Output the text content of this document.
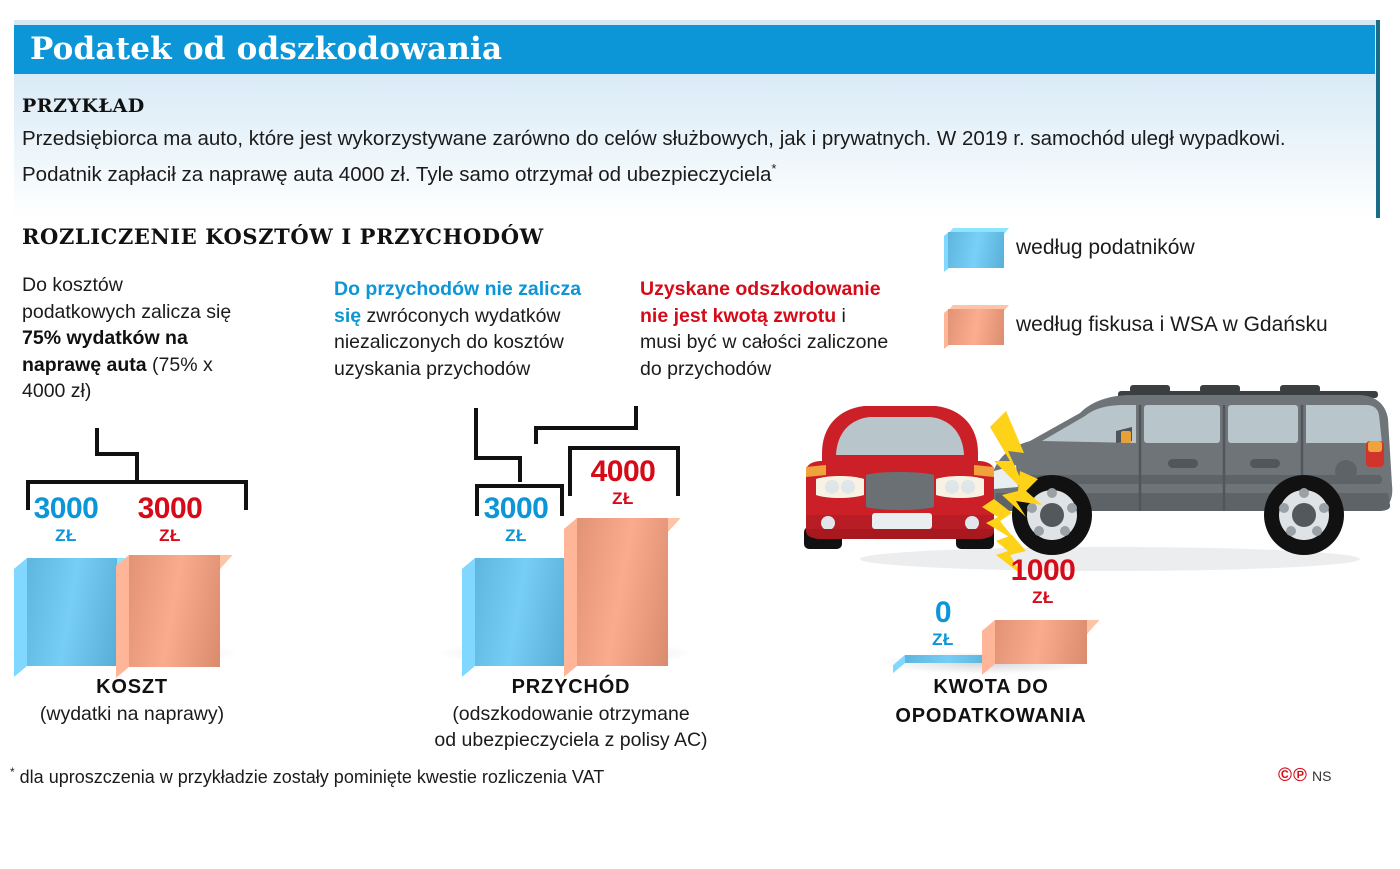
Podatek od odszkodowania
PRZYKŁAD
Przedsiębiorca ma auto, które jest wykorzystywane zarówno do celów służbowych, jak i prywatnych. W 2019 r. samochód uległ wypadkowi. Podatnik zapłacił za naprawę auta 4000 zł. Tyle samo otrzymał od ubezpieczyciela*
ROZLICZENIE KOSZTÓW I PRZYCHODÓW
Do kosztów podatkowych zalicza się 75% wydatków na naprawę auta (75% x 4000 zł)
Do przychodów nie zalicza się zwróconych wydatków niezaliczonych do kosztów uzyskania przychodów
Uzyskane odszkodowanie nie jest kwotą zwrotu i musi być w całości zaliczone do przychodów
według podatników
według fiskusa i WSA w Gdańsku
3000
ZŁ
3000
ZŁ
KOSZT
(wydatki na naprawy)
3000
ZŁ
4000
ZŁ
PRZYCHÓD
(odszkodowanie otrzymane
od ubezpieczyciela z polisy AC)
0
ZŁ
1000
ZŁ
KWOTA DO
OPODATKOWANIA
* dla uproszczenia w przykładzie zostały pominięte kwestie rozliczenia VAT	©℗ NS
